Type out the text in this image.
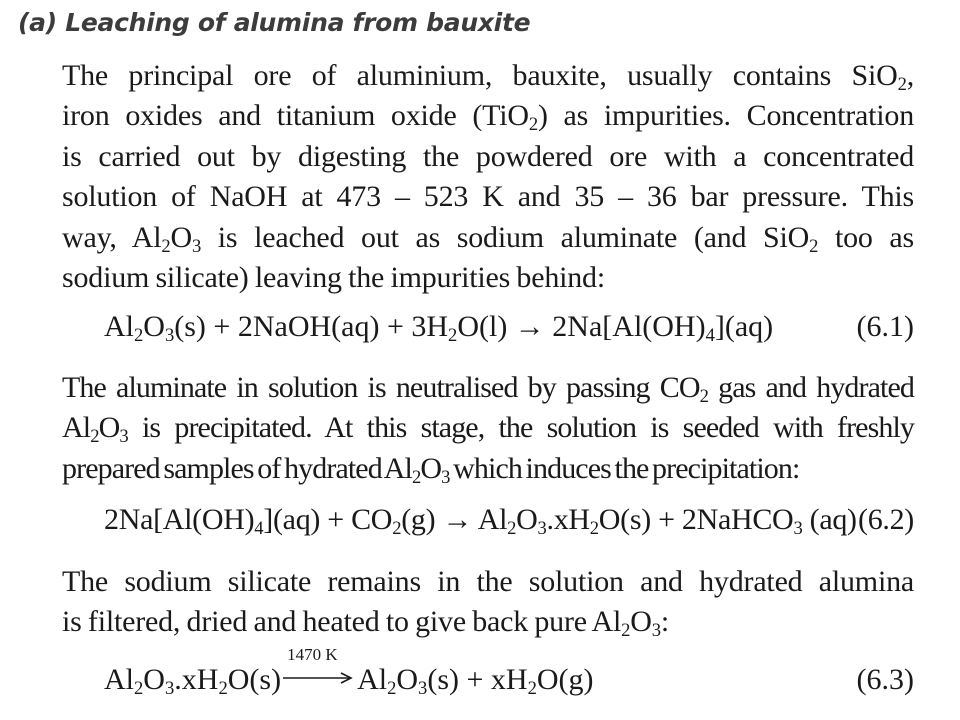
(a) Leaching of alumina from bauxite
The principal ore of aluminium, bauxite, usually contains SiO$_2$,
iron oxides and titanium oxide (TiO$_2$) as impurities. Concentration
is carried out by digesting the powdered ore with a concentrated
solution of NaOH at 473 – 523 K and 35 – 36 bar pressure. This
way, $Al_2O_3$ is leached out as sodium aluminate (and SiO$_2$ too as
sodium silicate) leaving the impurities behind:
$Al_2O_3(s)$ + 2NaOH(aq) + $3H_2O(l) \to 2Na[Al(OH)_4](aq)$	(6.1)
The aluminate in solution is neutralised by passing $CO_2$ gas and hydrated
$Al_2O_3$ is precipitated. At this stage, the solution is seeded with freshly
prepared samples of hydrated $Al_2O_3$ which induces the precipitation:
$2Na[Al(OH)_4](aq) + CO_2(g) \to Al_2O_3.xH_2O(s)$ + 2NaHCO$_3$ (aq) (6.2)
The sodium silicate remains in the solution and hydrated alumina
is filtered, dried and heated to give back pure $Al_2O_3$:
$Al_2O_3.xH_2O(s)$
1470 K
$Al_2O_3(s) + xH_2O(g)$	(6.3)
